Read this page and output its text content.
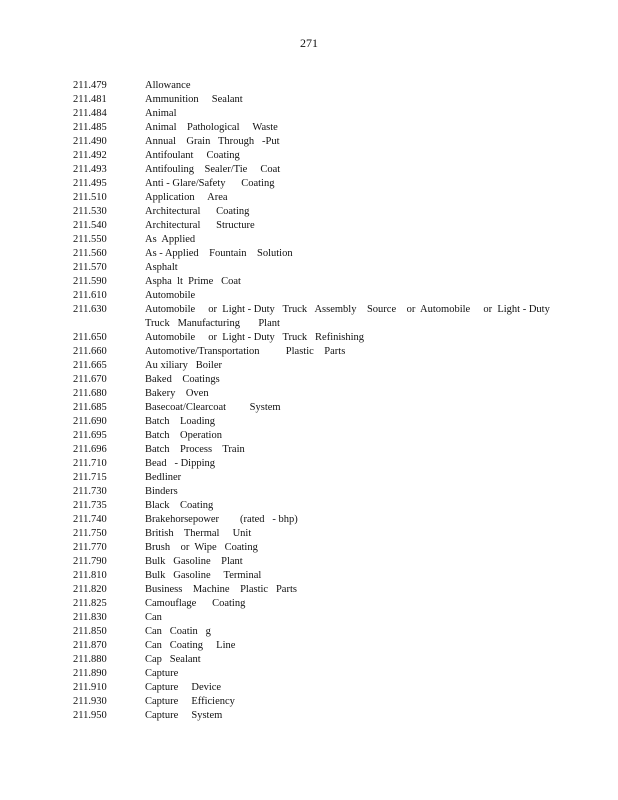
271
211.479	Allowance
211.481	Ammunition     Sealant
211.484	Animal
211.485	Animal    Pathological     Waste
211.490	Annual    Grain   Through   -Put
211.492	Antifoulant     Coating
211.493	Antifouling    Sealer/Tie     Coat
211.495	Anti - Glare/Safety      Coating
211.510	Application     Area
211.530	Architectural      Coating
211.540	Architectural      Structure
211.550	As  Applied
211.560	As - Applied    Fountain    Solution
211.570	Asphalt
211.590	Aspha  lt  Prime   Coat
211.610	Automobile
211.630	Automobile     or  Light - Duty   Truck   Assembly    Source    or  Automobile     or  Light - Duty
Truck   Manufacturing       Plant
211.650	Automobile     or  Light - Duty   Truck   Refinishing
211.660	Automotive/Transportation          Plastic    Parts
211.665	Au xiliary   Boiler
211.670	Baked    Coatings
211.680	Bakery    Oven
211.685	Basecoat/Clearcoat         System
211.690	Batch    Loading
211.695	Batch    Operation
211.696	Batch    Process    Train
211.710	Bead   - Dipping
211.715	Bedliner
211.730	Binders
211.735	Black    Coating
211.740	Brakehorsepower        (rated   - bhp)
211.750	British    Thermal     Unit
211.770	Brush    or  Wipe   Coating
211.790	Bulk   Gasoline    Plant
211.810	Bulk   Gasoline     Terminal
211.820	Business    Machine    Plastic   Parts
211.825	Camouflage      Coating
211.830	Can
211.850	Can   Coatin   g
211.870	Can   Coating     Line
211.880	Cap   Sealant
211.890	Capture
211.910	Capture     Device
211.930	Capture     Efficiency
211.950	Capture     System
